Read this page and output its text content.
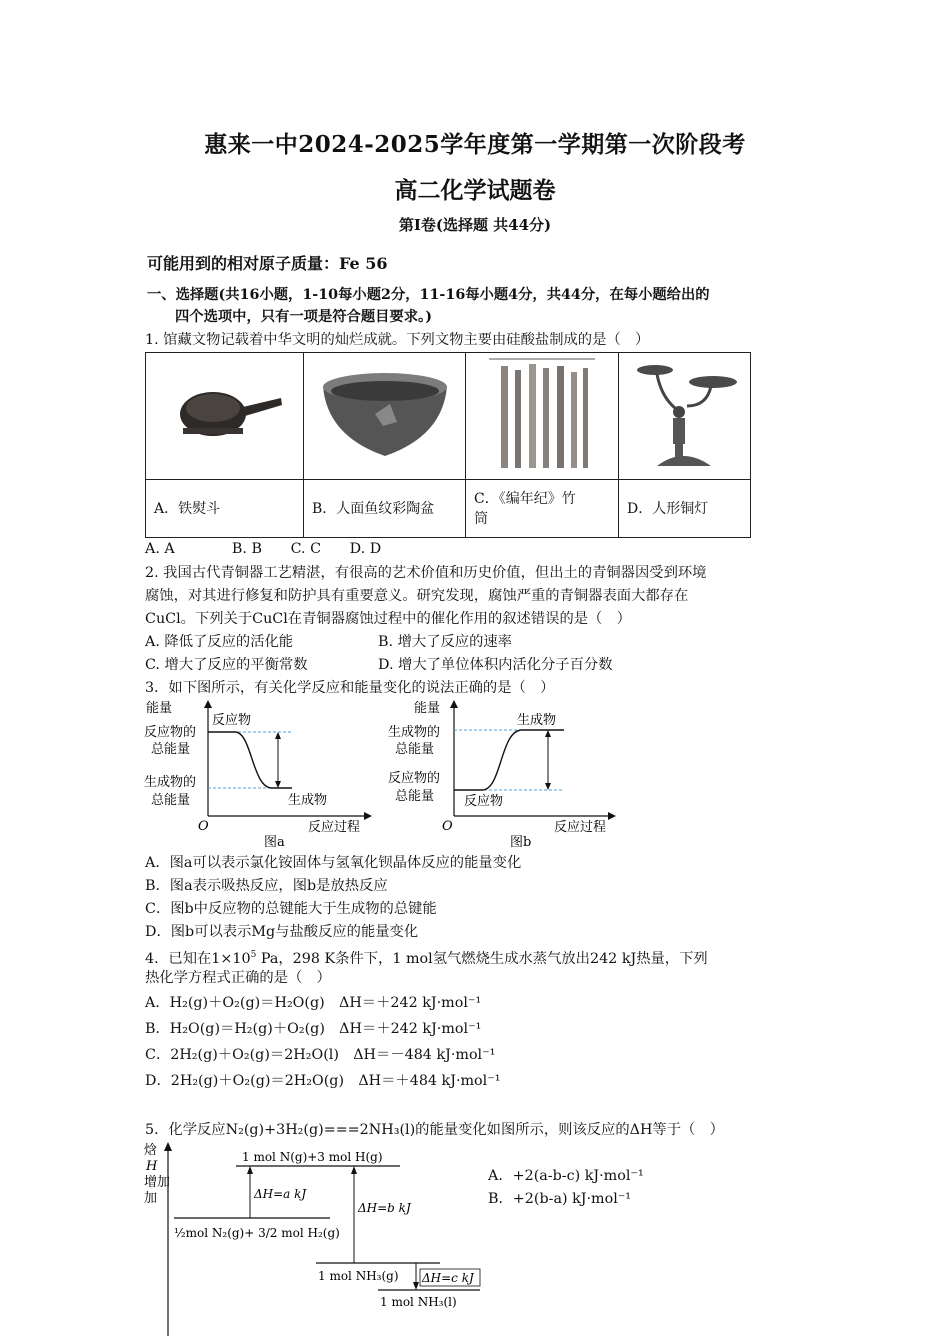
惠来一中2024-2025学年度第一学期第一次阶段考
高二化学试题卷
第Ⅰ卷(选择题 共44分)
可能用到的相对原子质量：Fe 56
一、选择题(共16小题，1-10每小题2分，11-16每小题4分，共44分，在每小题给出的
四个选项中，只有一项是符合题目要求。)
1. 馆藏文物记载着中华文明的灿烂成就。下列文物主要由硅酸盐制成的是（　）

A．铁熨斗	B．人面鱼纹彩陶盆	C．《编年纪》竹
筒	D．人形铜灯
A. A　　　　B. B　　C. C　　D. D
2. 我国古代青铜器工艺精湛，有很高的艺术价值和历史价值，但出土的青铜器因受到环境
腐蚀，对其进行修复和防护具有重要意义。研究发现，腐蚀严重的青铜器表面大都存在
CuCl。下列关于CuCl在青铜器腐蚀过程中的催化作用的叙述错误的是（　）
A. 降低了反应的活化能	B. 增大了反应的速率
C. 增大了反应的平衡常数	D. 增大了单位体积内活化分子百分数
3．如下图所示，有关化学反应和能量变化的说法正确的是（　）
能量
反应物
反应物的
总能量
生成物的
总能量	生成物
O	反应过程
图a
能量
生成物
生成物的
总能量
反应物的
总能量 反应物
O	反应过程
图b
A．图a可以表示氯化铵固体与氢氧化钡晶体反应的能量变化
B．图a表示吸热反应，图b是放热反应
C．图b中反应物的总键能大于生成物的总键能
D．图b可以表示Mg与盐酸反应的能量变化
4．已知在$1\times 10^5$ Pa，298 K条件下，1 mol氢气燃烧生成水蒸气放出242 kJ热量，下列
热化学方程式正确的是（　）
A．H₂(g)＋O₂(g)＝H₂O(g)　ΔH＝＋242 kJ·mol⁻¹
B．H₂O(g)＝H₂(g)＋O₂(g)　ΔH＝＋242 kJ·mol⁻¹
C．2H₂(g)＋O₂(g)＝2H₂O(l)　ΔH＝－484 kJ·mol⁻¹
D．2H₂(g)＋O₂(g)＝2H₂O(g)　ΔH＝＋484 kJ·mol⁻¹
5．化学反应N₂(g)+3H₂(g)===2NH₃(l)的能量变化如图所示，则该反应的ΔH等于（　）
焓
H
增加
加
1 mol N(g)+3 mol H(g)
½mol N₂(g)+ 3/2 mol H₂(g)
1 mol NH₃(g)
1 mol NH₃(l)
ΔH=a kJ
ΔH=b kJ
ΔH=c kJ
A．+2(a-b-c) kJ·mol⁻¹
B．+2(b-a) kJ·mol⁻¹
